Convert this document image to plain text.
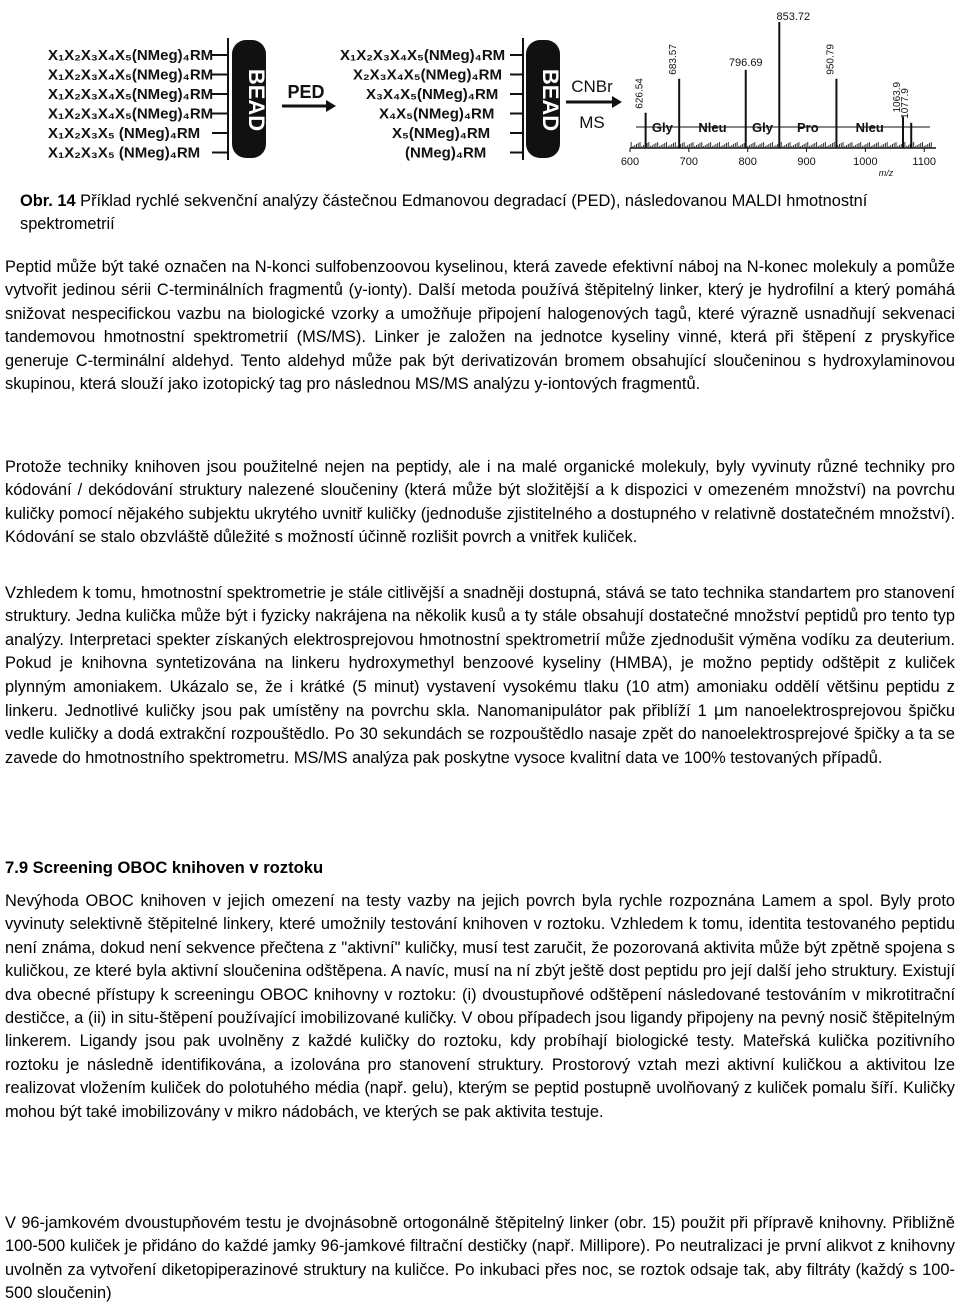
X₁X₂X₃X₄X₅(NMeg)₄RM
X₁X₂X₃X₄X₅(NMeg)₄RM
X₁X₂X₃X₄X₅(NMeg)₄RM
X₁X₂X₃X₄X₅(NMeg)₄RM
X₁X₂X₃X₅ (NMeg)₄RM
X₁X₂X₃X₅ (NMeg)₄RM
BEAD PED
X₁X₂X₃X₄X₅(NMeg)₄RM
X₂X₃X₄X₅(NMeg)₄RM
X₃X₄X₅(NMeg)₄RM
X₄X₅(NMeg)₄RM
X₅(NMeg)₄RM
(NMeg)₄RM
BEAD CNBr
MS
600	700	800	900	1000	1100
m/z
626.54
683.57	796.69
853.72
950.79
1063.9
1077.9
Gly Nleu Gly Pro	Nleu
Obr. 14 Příklad rychlé sekvenční analýzy částečnou Edmanovou degradací (PED), následovanou MALDI hmotnostní spektrometrií
Peptid může být také označen na N-konci sulfobenzoovou kyselinou, která zavede efektivní náboj na N-konec molekuly a pomůže vytvořit jedinou sérii C-terminálních fragmentů (y-ionty). Další metoda používá štěpitelný linker, který je hydrofilní a který pomáhá snižovat nespecifickou vazbu na biologické vzorky a umožňuje připojení halogenových tagů, které výrazně usnadňují sekvenaci tandemovou hmotnostní spektrometrií (MS/MS). Linker je založen na jednotce kyseliny vinné, která při štěpení z pryskyřice generuje C-terminální aldehyd. Tento aldehyd může pak být derivatizován bromem obsahující sloučeninou s hydroxylaminovou skupinou, která slouží jako izotopický tag pro následnou MS/MS analýzu y-iontových fragmentů.
Protože techniky knihoven jsou použitelné nejen na peptidy, ale i na malé organické molekuly, byly vyvinuty různé techniky pro kódování / dekódování struktury nalezené sloučeniny (která může být složitější a k dispozici v omezeném množství) na povrchu kuličky pomocí nějakého subjektu ukrytého uvnitř kuličky (jednoduše zjistitelného a dostupného v relativně dostatečném množství). Kódování se stalo obzvláště důležité s možností účinně rozlišit povrch a vnitřek kuliček.
Vzhledem k tomu, hmotnostní spektrometrie je stále citlivější a snadněji dostupná, stává se tato technika standartem pro stanovení struktury. Jedna kulička může být i fyzicky nakrájena na několik kusů a ty stále obsahují dostatečné množství peptidů pro tento typ analýzy. Interpretaci spekter získaných elektrosprejovou hmotnostní spektrometrií může zjednodušit výměna vodíku za deuterium. Pokud je knihovna syntetizována na linkeru hydroxymethyl benzoové kyseliny (HMBA), je možno peptidy odštěpit z kuliček plynným amoniakem. Ukázalo se, že i krátké (5 minut) vystavení vysokému tlaku (10 atm) amoniaku oddělí většinu peptidu z linkeru. Jednotlivé kuličky jsou pak umístěny na povrchu skla. Nanomanipulátor pak přiblíží 1 μm nanoelektrosprejovou špičku vedle kuličky a dodá extrakční rozpouštědlo. Po 30 sekundách se rozpouštědlo nasaje zpět do nanoelektrosprejové špičky a ta se zavede do hmotnostního spektrometru. MS/MS analýza pak poskytne vysoce kvalitní data ve 100% testovaných případů.
7.9 Screening OBOC knihoven v roztoku
Nevýhoda OBOC knihoven v jejich omezení na testy vazby na jejich povrch byla rychle rozpoznána Lamem a spol. Byly proto vyvinuty selektivně štěpitelné linkery, které umožnily testování knihoven v roztoku. Vzhledem k tomu, identita testovaného peptidu není známa, dokud není sekvence přečtena z "aktivní" kuličky, musí test zaručit, že pozorovaná aktivita může být zpětně spojena s kuličkou, ze které byla aktivní sloučenina odštěpena. A navíc, musí na ní zbýt ještě dost peptidu pro její další jeho struktury. Existují dva obecné přístupy k screeningu OBOC knihovny v roztoku: (i) dvoustupňové odštěpení následované testováním v mikrotitrační destičce, a (ii) in situ-štěpení používající imobilizované kuličky. V obou případech jsou ligandy připojeny na pevný nosič štěpitelným linkerem. Ligandy jsou pak uvolněny z každé kuličky do roztoku, kdy probíhají biologické testy. Mateřská kulička pozitivního roztoku je následně identifikována, a izolována pro stanovení struktury. Prostorový vztah mezi aktivní kuličkou a aktivitou lze realizovat vložením kuliček do polotuhého média (např. gelu), kterým se peptid postupně uvolňovaný z kuliček pomalu šíří. Kuličky mohou být také imobilizovány v mikro nádobách, ve kterých se pak aktivita testuje.
V 96-jamkovém dvoustupňovém testu je dvojnásobně ortogonálně štěpitelný linker (obr. 15) použit při přípravě knihovny. Přibližně 100-500 kuliček je přidáno do každé jamky 96-jamkové filtrační destičky (např. Millipore). Po neutralizaci je první alikvot z knihovny uvolněn za vytvoření diketopiperazinové struktury na kuličce. Po inkubaci přes noc, se roztok odsaje tak, aby filtráty (každý s 100-500 sloučenin)
